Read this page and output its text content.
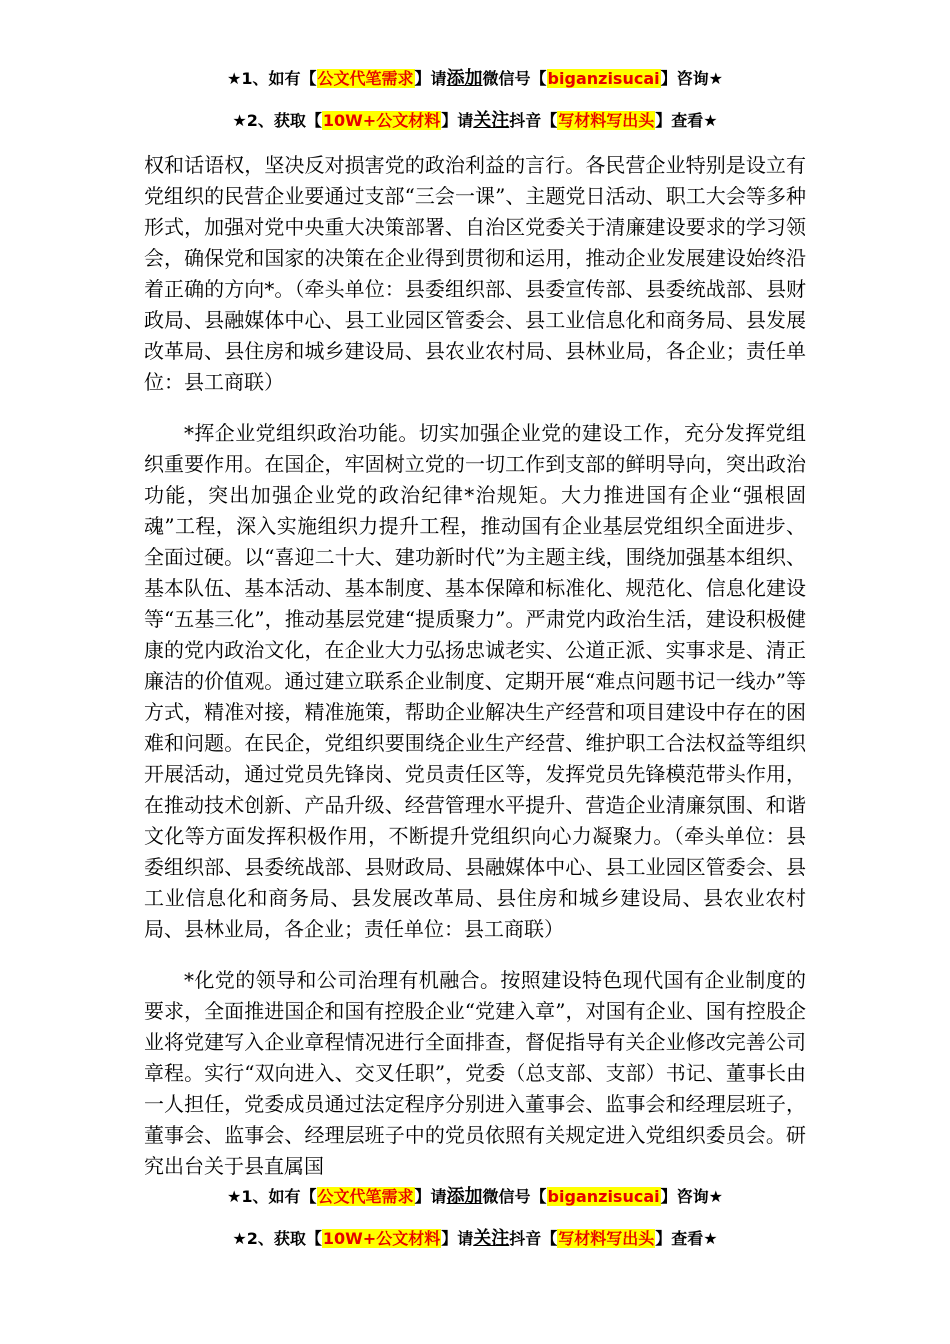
★1、如有【公文代笔需求】请添加微信号【biganzisucai】咨询★
★2、获取【10W+公文材料】请关注抖音【写材料写出头】查看★

权和话语权，坚决反对损害党的政治利益的言行。各民营企业特别是设立有党组织的民营企业要通过支部“三会一课”、主题党日活动、职工大会等多种形式，加强对党中央重大决策部署、自治区党委关于清廉建设要求的学习领会，确保党和国家的决策在企业得到贯彻和运用，推动企业发展建设始终沿着正确的方向*。（牵头单位：县委组织部、县委宣传部、县委统战部、县财政局、县融媒体中心、县工业园区管委会、县工业信息化和商务局、县发展改革局、县住房和城乡建设局、县农业农村局、县林业局，各企业；责任单位：县工商联）

*挥企业党组织政治功能。切实加强企业党的建设工作，充分发挥党组织重要作用。在国企，牢固树立党的一切工作到支部的鲜明导向，突出政治功能，突出加强企业党的政治纪律*治规矩。大力推进国有企业“强根固魂”工程，深入实施组织力提升工程，推动国有企业基层党组织全面进步、全面过硬。以“喜迎二十大、建功新时代”为主题主线，围绕加强基本组织、基本队伍、基本活动、基本制度、基本保障和标准化、规范化、信息化建设等“五基三化”，推动基层党建“提质聚力”。严肃党内政治生活，建设积极健康的党内政治文化，在企业大力弘扬忠诚老实、公道正派、实事求是、清正廉洁的价值观。通过建立联系企业制度、定期开展“难点问题书记一线办”等方式，精准对接，精准施策，帮助企业解决生产经营和项目建设中存在的困难和问题。在民企，党组织要围绕企业生产经营、维护职工合法权益等组织开展活动，通过党员先锋岗、党员责任区等，发挥党员先锋模范带头作用，在推动技术创新、产品升级、经营管理水平提升、营造企业清廉氛围、和谐文化等方面发挥积极作用，不断提升党组织向心力凝聚力。（牵头单位：县委组织部、县委统战部、县财政局、县融媒体中心、县工业园区管委会、县工业信息化和商务局、县发展改革局、县住房和城乡建设局、县农业农村局、县林业局，各企业；责任单位：县工商联）

*化党的领导和公司治理有机融合。按照建设特色现代国有企业制度的要求，全面推进国企和国有控股企业“党建入章”，对国有企业、国有控股企业将党建写入企业章程情况进行全面排查，督促指导有关企业修改完善公司章程。实行“双向进入、交叉任职”，党委（总支部、支部）书记、董事长由一人担任，党委成员通过法定程序分别进入董事会、监事会和经理层班子，董事会、监事会、经理层班子中的党员依照有关规定进入党组织委员会。研究出台关于县直属国

★1、如有【公文代笔需求】请添加微信号【biganzisucai】咨询★
★2、获取【10W+公文材料】请关注抖音【写材料写出头】查看★
